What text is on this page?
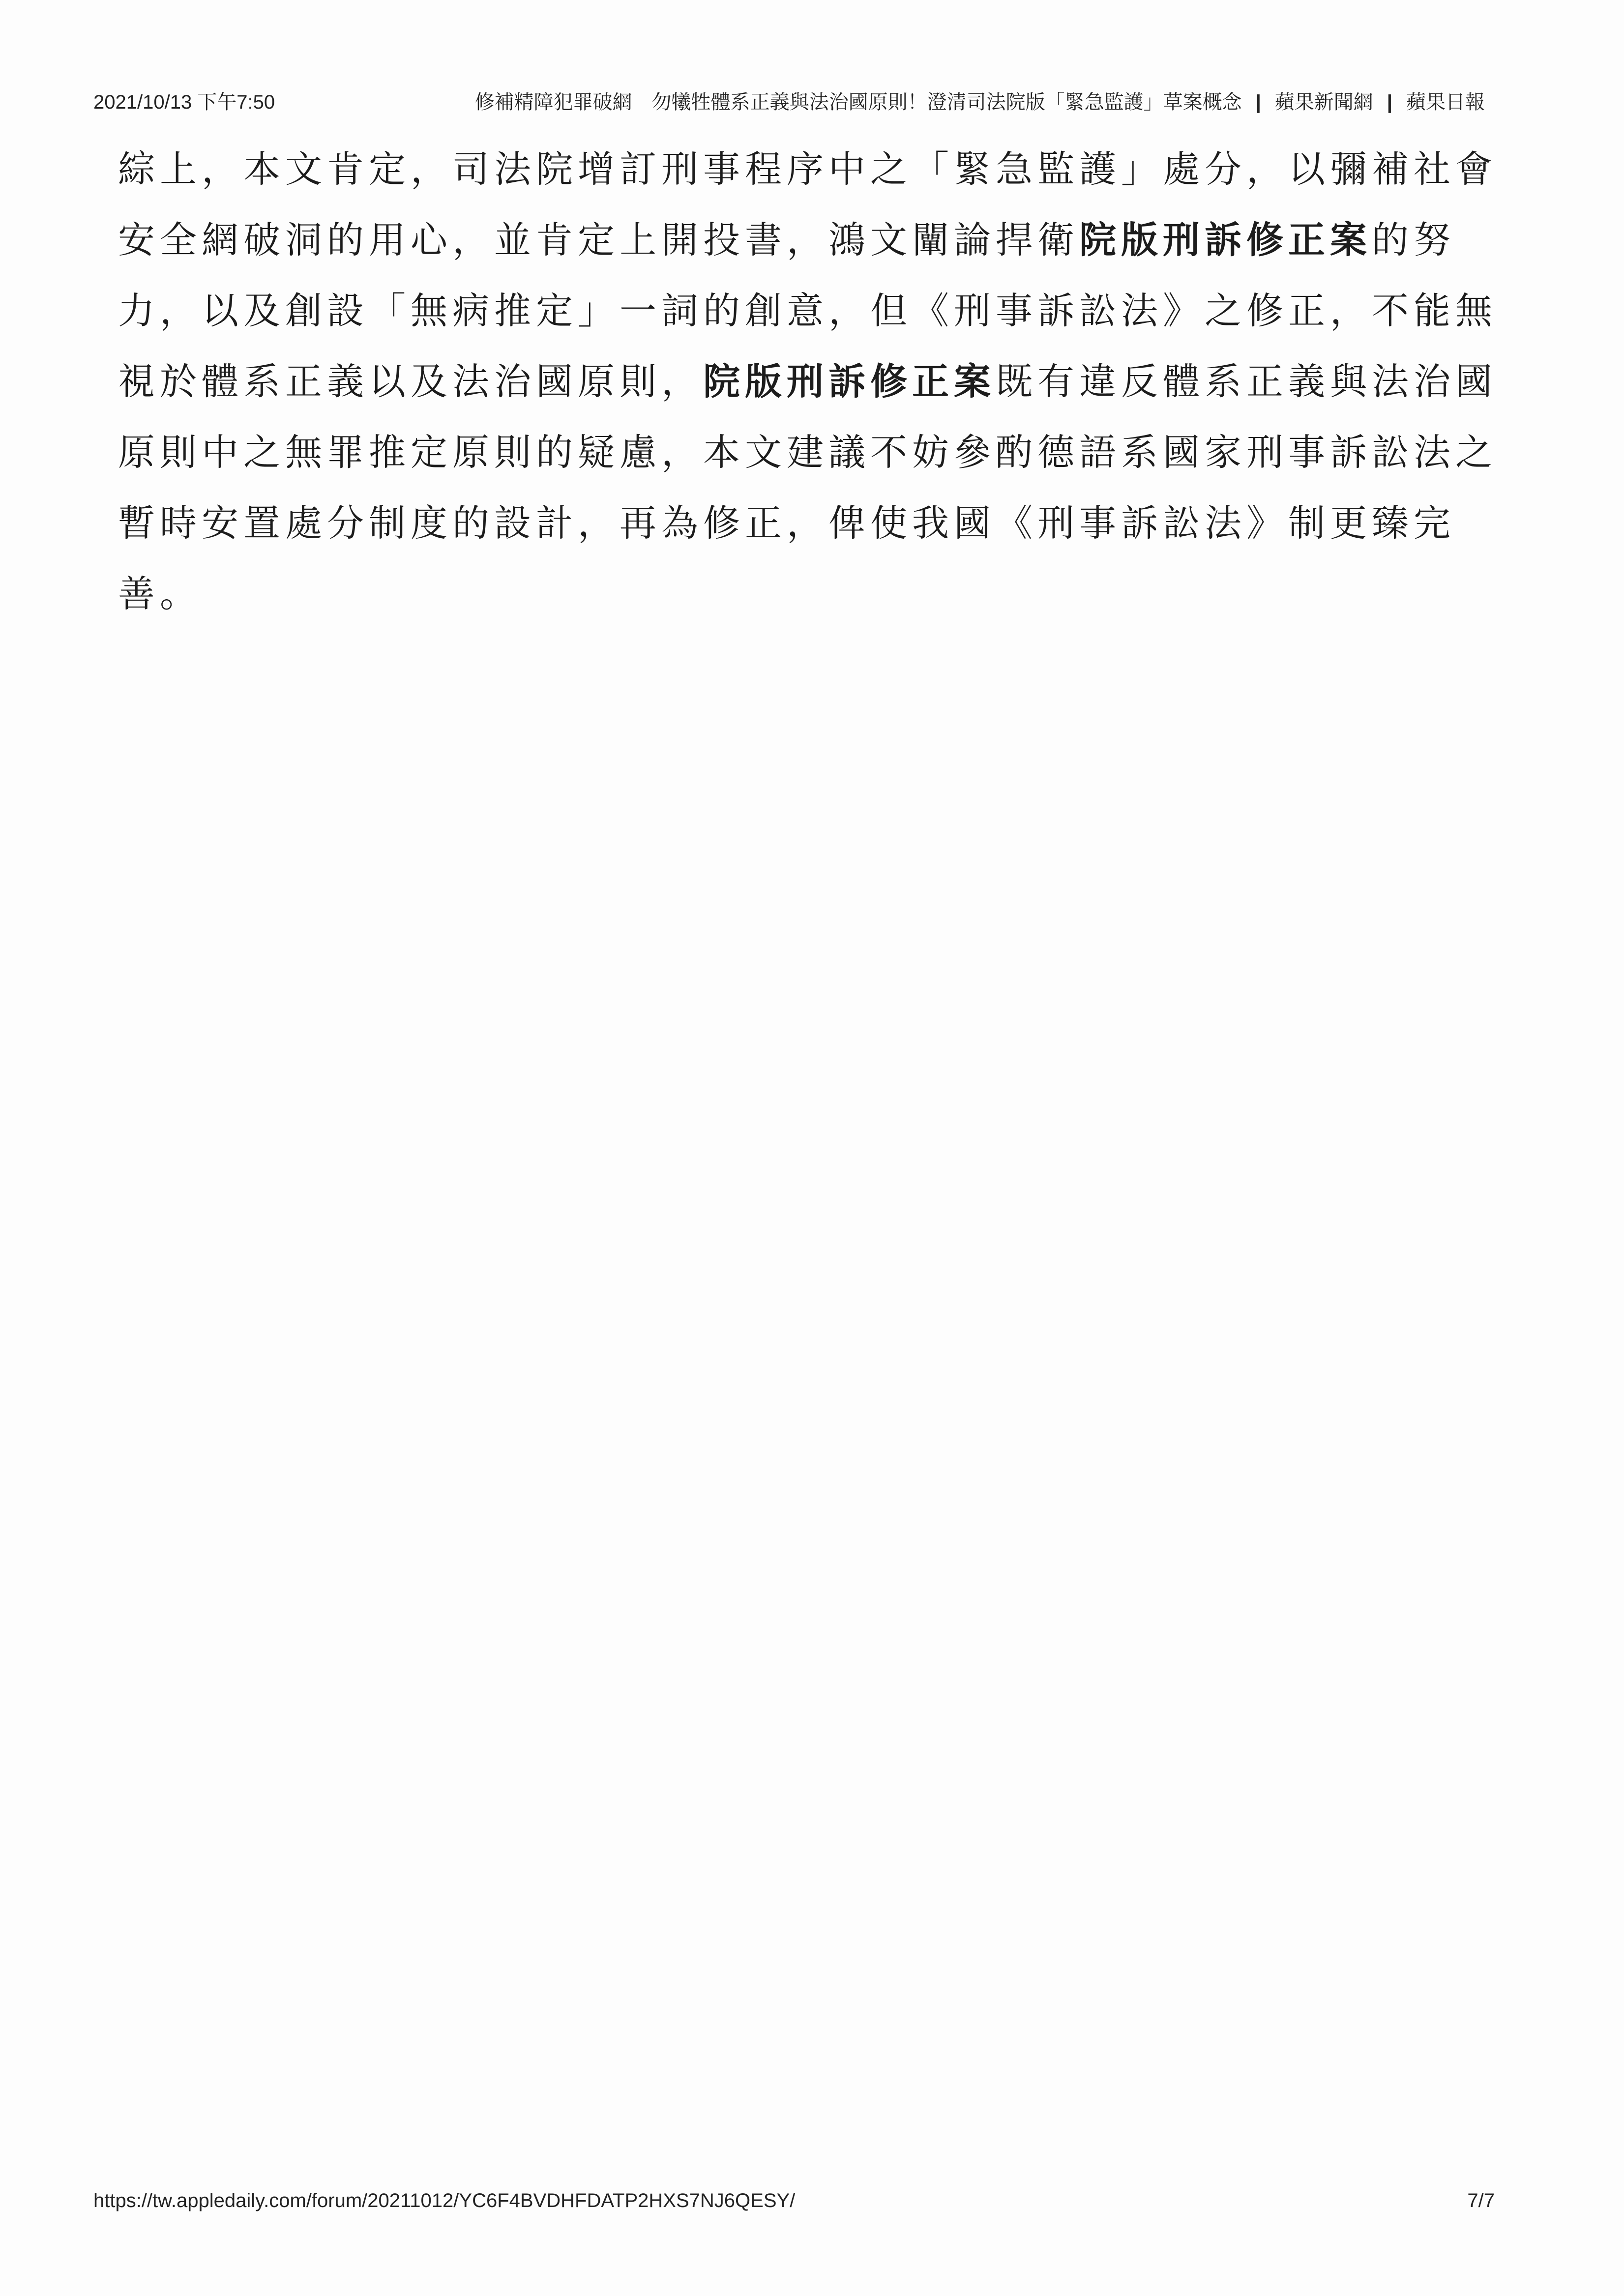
2021/10/13 下午7:50	修補精障犯罪破網　勿犧牲體系正義與法治國原則！澄清司法院版「緊急監護」草案概念 | 蘋果新聞網 | 蘋果日報
綜上，本文肯定，司法院增訂刑事程序中之「緊急監護」處分，以彌補社會
安全網破洞的用心，並肯定上開投書，鴻文闡論捍衛院版刑訴修正案的努
力，以及創設「無病推定」一詞的創意，但《刑事訴訟法》之修正，不能無
視於體系正義以及法治國原則，院版刑訴修正案既有違反體系正義與法治國
原則中之無罪推定原則的疑慮，本文建議不妨參酌德語系國家刑事訴訟法之
暫時安置處分制度的設計，再為修正，俾使我國《刑事訴訟法》制更臻完
善。
https://tw.appledaily.com/forum/20211012/YC6F4BVDHFDATP2HXS7NJ6QESY/	7/7
